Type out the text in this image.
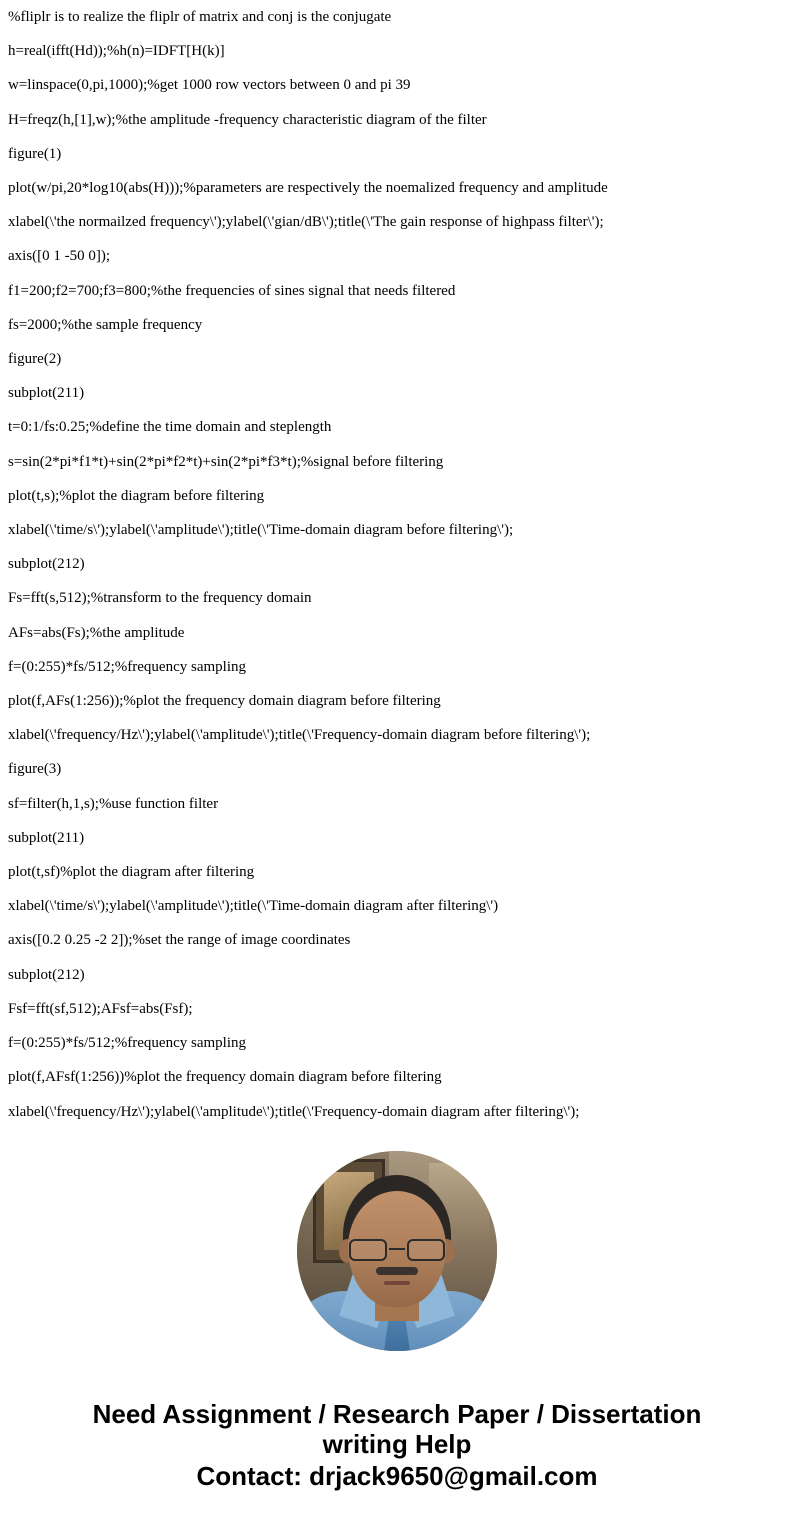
%fliplr is to realize the fliplr of matrix and conj is the conjugate
h=real(ifft(Hd));%h(n)=IDFT[H(k)]
w=linspace(0,pi,1000);%get 1000 row vectors between 0 and pi 39
H=freqz(h,[1],w);%the amplitude -frequency characteristic diagram of the filter
figure(1)
plot(w/pi,20*log10(abs(H)));%parameters are respectively the noemalized frequency and amplitude
xlabel(\'the normailzed frequency\');ylabel(\'gian/dB\');title(\'The gain response of highpass filter\');
axis([0 1 -50 0]);
f1=200;f2=700;f3=800;%the frequencies of sines signal that needs filtered
fs=2000;%the sample frequency
figure(2)
subplot(211)
t=0:1/fs:0.25;%define the time domain and steplength
s=sin(2*pi*f1*t)+sin(2*pi*f2*t)+sin(2*pi*f3*t);%signal before filtering
plot(t,s);%plot the diagram before filtering
xlabel(\'time/s\');ylabel(\'amplitude\');title(\'Time-domain diagram before filtering\');
subplot(212)
Fs=fft(s,512);%transform to the frequency domain
AFs=abs(Fs);%the amplitude
f=(0:255)*fs/512;%frequency sampling
plot(f,AFs(1:256));%plot the frequency domain diagram before filtering
xlabel(\'frequency/Hz\');ylabel(\'amplitude\');title(\'Frequency-domain diagram before filtering\');
figure(3)
sf=filter(h,1,s);%use function filter
subplot(211)
plot(t,sf)%plot the diagram after filtering
xlabel(\'time/s\');ylabel(\'amplitude\');title(\'Time-domain diagram after filtering\')
axis([0.2 0.25 -2 2]);%set the range of image coordinates
subplot(212)
Fsf=fft(sf,512);AFsf=abs(Fsf);
f=(0:255)*fs/512;%frequency sampling
plot(f,AFsf(1:256))%plot the frequency domain diagram before filtering
xlabel(\'frequency/Hz\');ylabel(\'amplitude\');title(\'Frequency-domain diagram after filtering\');
Need Assignment / Research Paper / Dissertation
writing Help
Contact: drjack9650@gmail.com
